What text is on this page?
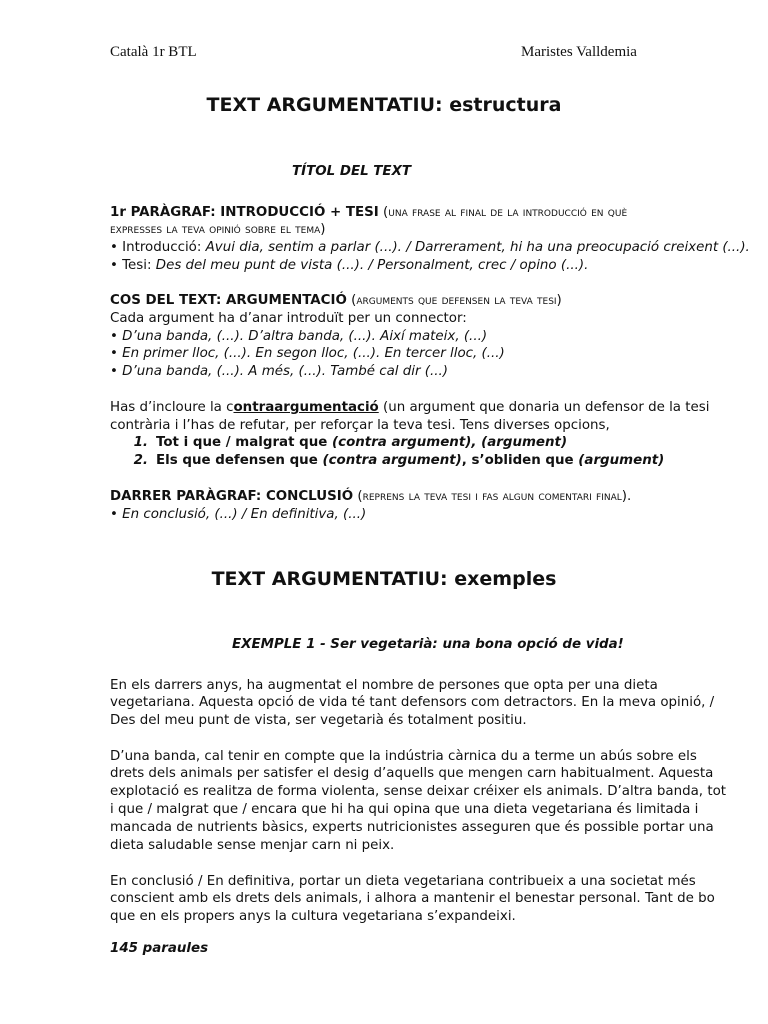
Català 1r BTL	Maristes Valldemia
TEXT ARGUMENTATIU: estructura
TÍTOL DEL TEXT
1r PARÀGRAF: INTRODUCCIÓ + TESI (una frase al final de la introducció en què
expresses la teva opinió sobre el tema)
• Introducció: Avui dia, sentim a parlar (...). / Darrerament, hi ha una preocupació creixent (...).
• Tesi: Des del meu punt de vista (...). / Personalment, crec / opino (...).
COS DEL TEXT: ARGUMENTACIÓ (arguments que defensen la teva tesi)
Cada argument ha d’anar introduït per un connector:
• D’una banda, (...). D’altra banda, (...). Així mateix, (...)
• En primer lloc, (...). En segon lloc, (...). En tercer lloc, (...)
• D’una banda, (...). A més, (...). També cal dir (...)
Has d’incloure la contraargumentació (un argument que donaria un defensor de la tesi
contrària i l’has de refutar, per reforçar la teva tesi. Tens diverses opcions,
1. Tot i que / malgrat que (contra argument), (argument)
2. Els que defensen que (contra argument), s’obliden que (argument)
DARRER PARÀGRAF: CONCLUSIÓ (reprens la teva tesi i fas algun comentari final).
• En conclusió, (...) / En definitiva, (...)
TEXT ARGUMENTATIU: exemples
EXEMPLE 1 - Ser vegetarià: una bona opció de vida!
En els darrers anys, ha augmentat el nombre de persones que opta per una dieta
vegetariana. Aquesta opció de vida té tant defensors com detractors. En la meva opinió, /
Des del meu punt de vista, ser vegetarià és totalment positiu.
D’una banda, cal tenir en compte que la indústria càrnica du a terme un abús sobre els
drets dels animals per satisfer el desig d’aquells que mengen carn habitualment. Aquesta
explotació es realitza de forma violenta, sense deixar créixer els animals. D’altra banda, tot
i que / malgrat que / encara que hi ha qui opina que una dieta vegetariana és limitada i
mancada de nutrients bàsics, experts nutricionistes asseguren que és possible portar una
dieta saludable sense menjar carn ni peix.
En conclusió / En definitiva, portar un dieta vegetariana contribueix a una societat més
conscient amb els drets dels animals, i alhora a mantenir el benestar personal. Tant de bo
que en els propers anys la cultura vegetariana s’expandeixi.
145 paraules
